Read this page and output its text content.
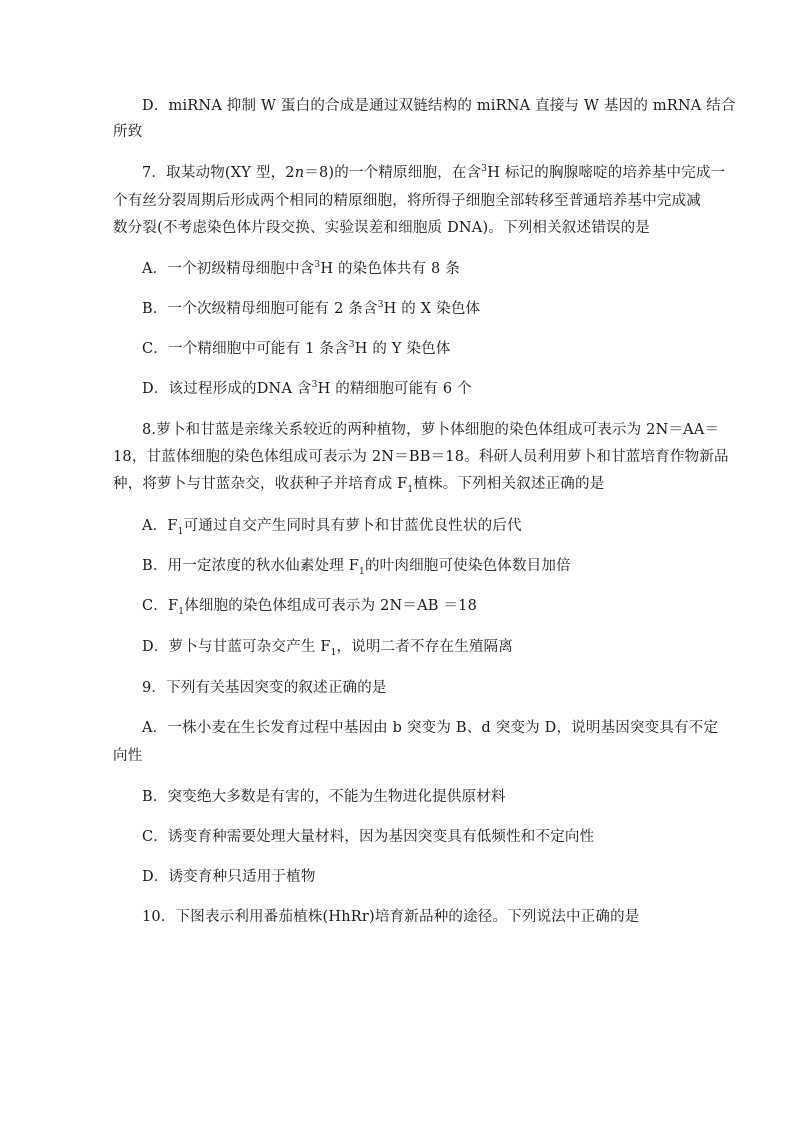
D．miRNA 抑制 W 蛋白的合成是通过双链结构的 miRNA 直接与 W 基因的 mRNA 结合
所致
7．取某动物(XY 型，2n＝8)的一个精原细胞，在含$^3$H 标记的胸腺嘧啶的培养基中完成一
个有丝分裂周期后形成两个相同的精原细胞，将所得子细胞全部转移至普通培养基中完成减
数分裂(不考虑染色体片段交换、实验误差和细胞质 DNA)。下列相关叙述错误的是
A．一个初级精母细胞中含$^3$H 的染色体共有 8 条
B．一个次级精母细胞可能有 2 条含$^3$H 的 X 染色体
C．一个精细胞中可能有 1 条含$^3$H 的 Y 染色体
D．该过程形成的DNA 含$^3$H 的精细胞可能有 6 个
8.萝卜和甘蓝是亲缘关系较近的两种植物，萝卜体细胞的染色体组成可表示为 2N＝AA＝
18，甘蓝体细胞的染色体组成可表示为 2N＝BB＝18。科研人员利用萝卜和甘蓝培育作物新品
种，将萝卜与甘蓝杂交，收获种子并培育成 $F_1$植株。下列相关叙述正确的是
A．$F_1$可通过自交产生同时具有萝卜和甘蓝优良性状的后代
B．用一定浓度的秋水仙素处理 $F_1$的叶肉细胞可使染色体数目加倍
C．$F_1$体细胞的染色体组成可表示为 2N＝AB ＝18
D．萝卜与甘蓝可杂交产生 $F_1$，说明二者不存在生殖隔离
9．下列有关基因突变的叙述正确的是
A．一株小麦在生长发育过程中基因由 b 突变为 B、d 突变为 D，说明基因突变具有不定
向性
B．突变绝大多数是有害的，不能为生物进化提供原材料
C．诱变育种需要处理大量材料，因为基因突变具有低频性和不定向性
D．诱变育种只适用于植物
10．下图表示利用番茄植株(HhRr)培育新品种的途径。下列说法中正确的是
